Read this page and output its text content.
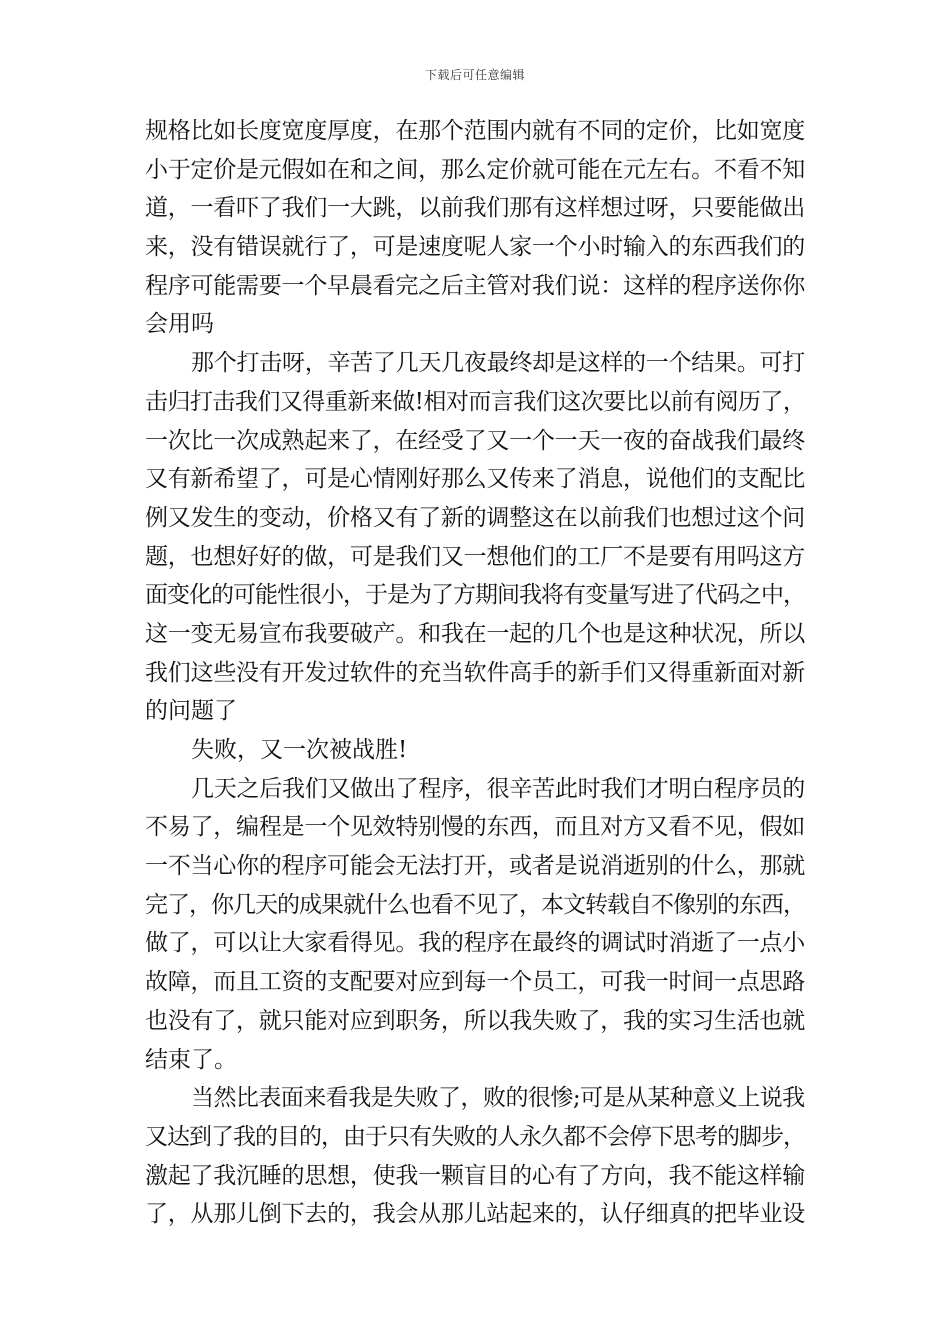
下载后可任意编辑
规格比如长度宽度厚度，在那个范围内就有不同的定价，比如宽度
小于定价是元假如在和之间，那么定价就可能在元左右。不看不知
道，一看吓了我们一大跳，以前我们那有这样想过呀，只要能做出
来，没有错误就行了，可是速度呢人家一个小时输入的东西我们的
程序可能需要一个早晨看完之后主管对我们说：这样的程序送你你
会用吗
那个打击呀，辛苦了几天几夜最终却是这样的一个结果。可打
击归打击我们又得重新来做!相对而言我们这次要比以前有阅历了，
一次比一次成熟起来了，在经受了又一个一天一夜的奋战我们最终
又有新希望了，可是心情刚好那么又传来了消息，说他们的支配比
例又发生的变动，价格又有了新的调整这在以前我们也想过这个问
题，也想好好的做，可是我们又一想他们的工厂不是要有用吗这方
面变化的可能性很小，于是为了方期间我将有变量写进了代码之中，
这一变无易宣布我要破产。和我在一起的几个也是这种状况，所以
我们这些没有开发过软件的充当软件高手的新手们又得重新面对新
的问题了
失败，又一次被战胜!
几天之后我们又做出了程序，很辛苦此时我们才明白程序员的
不易了，编程是一个见效特别慢的东西，而且对方又看不见，假如
一不当心你的程序可能会无法打开，或者是说消逝别的什么，那就
完了，你几天的成果就什么也看不见了，本文转载自不像别的东西，
做了，可以让大家看得见。我的程序在最终的调试时消逝了一点小
故障，而且工资的支配要对应到每一个员工，可我一时间一点思路
也没有了，就只能对应到职务，所以我失败了，我的实习生活也就
结束了。
当然比表面来看我是失败了，败的很惨;可是从某种意义上说我
又达到了我的目的，由于只有失败的人永久都不会停下思考的脚步，
激起了我沉睡的思想，使我一颗盲目的心有了方向，我不能这样输
了，从那儿倒下去的，我会从那儿站起来的，认仔细真的把毕业设
